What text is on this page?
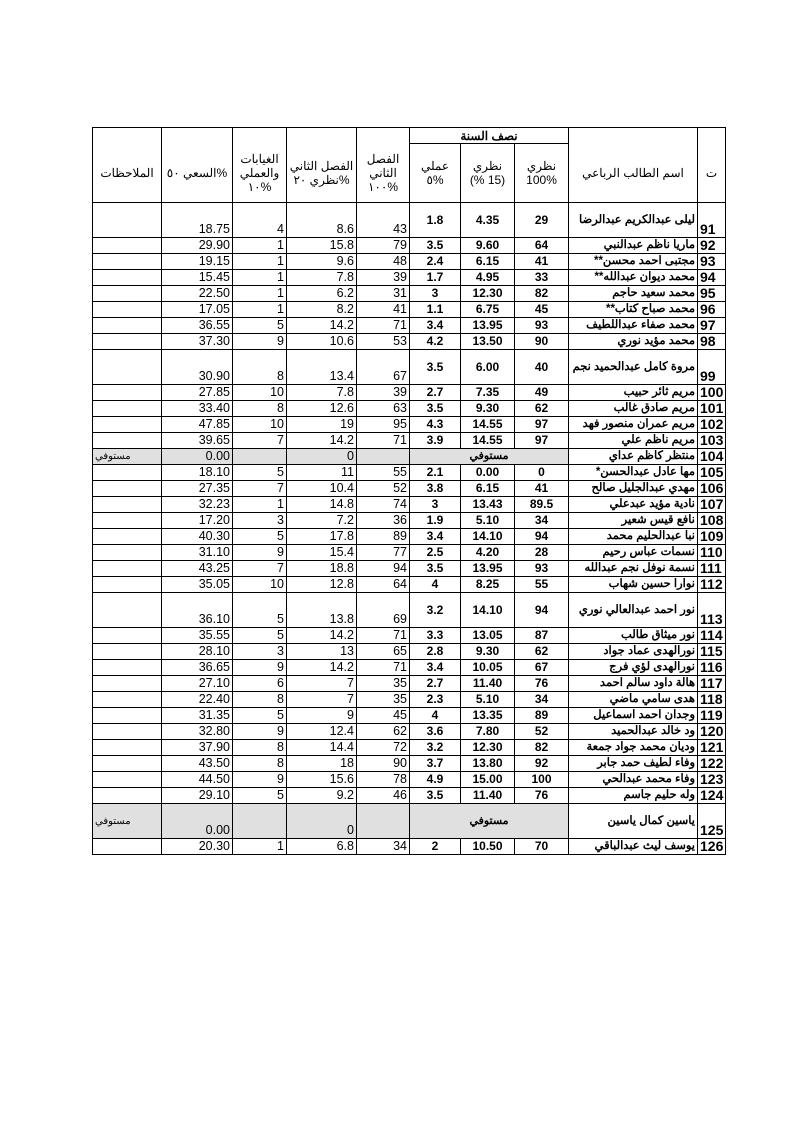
					نصف السنة				
الملاحظات	السعي ٥٠%	الغيابات والعملي ١٠%	الفصل الثاني نظري ٢٠%	الفصل الثاني ١٠٠%	عملي ٥%	نظري (15 %)	نظري 100%	اسم الطالب الرباعي	ت
	18.75	4	8.6	43	1.8	4.35	29	ليلى عبدالكريم عبدالرضا	91
	29.90	1	15.8	79	3.5	9.60	64	ماريا ناظم عبدالنبي	92
	19.15	1	9.6	48	2.4	6.15	41	مجتبى احمد محسن**	93
	15.45	1	7.8	39	1.7	4.95	33	محمد ديوان عبدالله**	94
	22.50	1	6.2	31	3	12.30	82	محمد سعيد حاجم	95
	17.05	1	8.2	41	1.1	6.75	45	محمد صباح كتاب**	96
	36.55	5	14.2	71	3.4	13.95	93	محمد صفاء عبداللطيف	97
	37.30	9	10.6	53	4.2	13.50	90	محمد مؤيد نوري	98
	30.90	8	13.4	67	3.5	6.00	40	مروة كامل عبدالحميد نجم	99
	27.85	10	7.8	39	2.7	7.35	49	مريم ثائر حبيب	100
	33.40	8	12.6	63	3.5	9.30	62	مريم صادق غالب	101
	47.85	10	19	95	4.3	14.55	97	مريم عمران منصور فهد	102
	39.65	7	14.2	71	3.9	14.55	97	مريم ناظم علي	103
مستوفي	0.00		0		مستوفي			منتظر كاظم عداي	104
	18.10	5	11	55	2.1	0.00	0	مها عادل عبدالحسن*	105
	27.35	7	10.4	52	3.8	6.15	41	مهدي عبدالجليل صالح	106
	32.23	1	14.8	74	3	13.43	89.5	نادية مؤيد عبدعلي	107
	17.20	3	7.2	36	1.9	5.10	34	نافع قيس شعير	108
	40.30	5	17.8	89	3.4	14.10	94	نبا عبدالحليم محمد	109
	31.10	9	15.4	77	2.5	4.20	28	نسمات عباس رحيم	110
	43.25	7	18.8	94	3.5	13.95	93	نسمة نوفل نجم عبدالله	111
	35.05	10	12.8	64	4	8.25	55	نوارا حسين شهاب	112
	36.10	5	13.8	69	3.2	14.10	94	نور احمد عبدالعالي نوري	113
	35.55	5	14.2	71	3.3	13.05	87	نور ميثاق طالب	114
	28.10	3	13	65	2.8	9.30	62	نورالهدى عماد جواد	115
	36.65	9	14.2	71	3.4	10.05	67	نورالهدى لؤي فرج	116
	27.10	6	7	35	2.7	11.40	76	هالة داود سالم احمد	117
	22.40	8	7	35	2.3	5.10	34	هدى سامي ماضي	118
	31.35	5	9	45	4	13.35	89	وجدان احمد اسماعيل	119
	32.80	9	12.4	62	3.6	7.80	52	ود خالد عبدالحميد	120
	37.90	8	14.4	72	3.2	12.30	82	وديان محمد جواد جمعة	121
	43.50	8	18	90	3.7	13.80	92	وفاء لطيف حمد جابر	122
	44.50	9	15.6	78	4.9	15.00	100	وفاء محمد عبدالحي	123
	29.10	5	9.2	46	3.5	11.40	76	وله حليم جاسم	124
مستوفي	0.00		0		مستوفي			ياسين كمال ياسين	125
	20.30	1	6.8	34	2	10.50	70	يوسف ليث عبدالباقي	126
